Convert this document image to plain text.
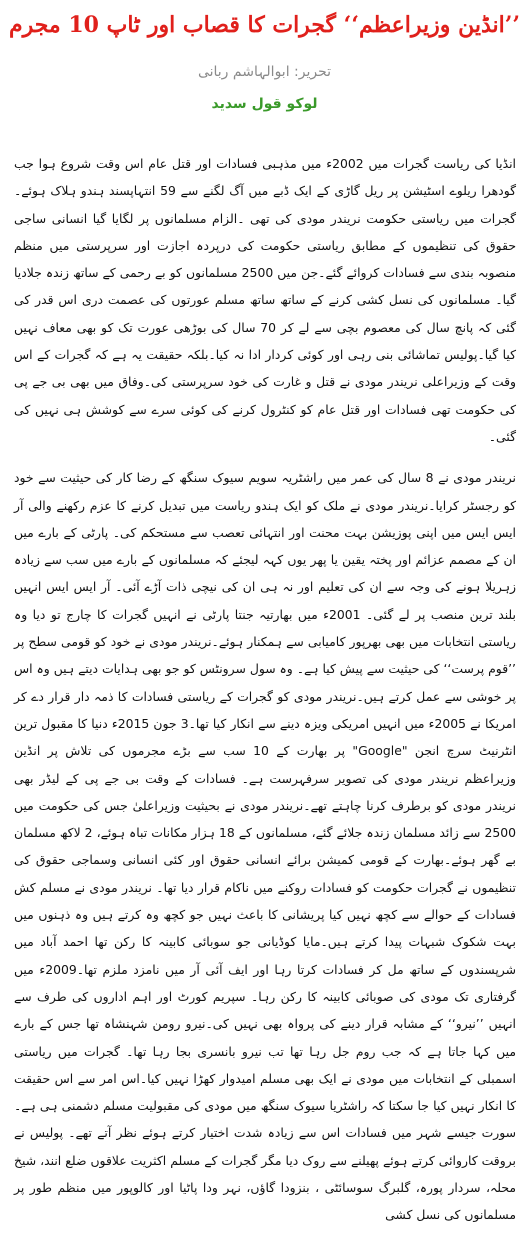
’’انڈین وزیراعظم‘‘ گجرات کا قصاب اور ٹاپ 10 مجرم
تحریر: ابوالہاشم ربانی
لوکو قول سدید

انڈیا کی ریاست گجرات میں 2002ء میں مذہبی فسادات اور قتل عام اس وقت شروع ہوا جب گودھرا ریلوے اسٹیشن پر ریل گاڑی کے ایک ڈبے میں آگ لگنے سے 59 انتہاپسند ہندو ہلاک ہوئے۔ گجرات میں ریاستی حکومت نریندر مودی کی تھی ۔الزام مسلمانوں پر لگایا گیا انسانی ساجی حقوق کی تنظیموں کے مطابق ریاستی حکومت کی درپردہ اجازت اور سرپرستی میں منظم منصوبہ بندی سے فسادات کروائے گئے۔جن میں 2500 مسلمانوں کو بے رحمی کے ساتھ زندہ جلادیا گیا۔ مسلمانوں کی نسل کشی کرنے کے ساتھ ساتھ مسلم عورتوں کی عصمت دری اس قدر کی گئی کہ پانچ سال کی معصوم بچی سے لے کر 70 سال کی بوڑھی عورت تک کو بھی معاف نہیں کیا گیا۔پولیس تماشائی بنی رہی اور کوئی کردار ادا نہ کیا۔بلکہ حقیقت یہ ہے کہ گجرات کے اس وقت کے وزیراعلی نریندر مودی نے قتل و غارت کی خود سرپرستی کی۔وفاق میں بھی بی جے پی کی حکومت تھی فسادات اور قتل عام کو کنٹرول کرنے کی کوئی سرے سے کوشش ہی نہیں کی گئی۔

نریندر مودی نے 8 سال کی عمر میں راشٹریہ سویم سیوک سنگھ کے رضا کار کی حیثیت سے خود کو رجسٹر کرایا۔نریندر مودی نے ملک کو ایک ہندو ریاست میں تبدیل کرنے کا عزم رکھنے والی آر ایس ایس میں اپنی پوزیشن بہت محنت اور انتہائی تعصب سے مستحکم کی۔ پارٹی کے بارے میں ان کے مصمم عزائم اور پختہ یقین یا پھر یوں کہہ لیجئے کہ مسلمانوں کے بارے میں سب سے زیادہ زہریلا ہونے کی وجہ سے ان کی تعلیم اور نہ ہی ان کی نیچی ذات آڑے آئی۔ آر ایس ایس انہیں بلند ترین منصب پر لے گئی۔ 2001ء میں بھارتیہ جنتا پارٹی نے انہیں گجرات کا چارج تو دیا وہ ریاستی انتخابات میں بھی بھرپور کامیابی سے ہمکنار ہوئے۔نریندر مودی نے خود کو قومی سطح پر ’’قوم پرست‘‘ کی حیثیت سے پیش کیا ہے۔ وہ سول سرونٹس کو جو بھی ہدایات دیتے ہیں وہ اس پر خوشی سے عمل کرتے ہیں۔نریندر مودی کو گجرات کے ریاستی فسادات کا ذمہ دار قرار دے کر امریکا نے 2005ء میں انہیں امریکی ویزہ دینے سے انکار کیا تھا۔3 جون 2015ء دنیا کا مقبول ترین انٹرنیٹ سرچ انجن "Google" پر بھارت کے 10 سب سے بڑے مجرموں کی تلاش پر انڈین وزیراعظم نریندر مودی کی تصویر سرفہرست ہے۔ فسادات کے وقت بی جے پی کے لیڈر بھی نریندر مودی کو برطرف کرنا چاہتے تھے۔نریندر مودی نے بحیثیت وزیراعلیٰ جس کی حکومت میں 2500 سے زائد مسلمان زندہ جلائے گئے، مسلمانوں کے 18 ہزار مکانات تباہ ہوئے، 2 لاکھ مسلمان بے گھر ہوئے۔بھارت کے قومی کمیشن برائے انسانی حقوق اور کئی انسانی وسماجی حقوق کی تنظیموں نے گجرات حکومت کو فسادات روکنے میں ناکام قرار دیا تھا۔ نریندر مودی نے مسلم کش فسادات کے حوالے سے کچھ نہیں کیا پریشانی کا باعث نہیں جو کچھ وہ کرتے ہیں وہ ذہنوں میں بہت شکوک شبہات پیدا کرتے ہیں۔مایا کوڈیانی جو سوبائی کابینہ کا رکن تھا احمد آباد میں شرپسندوں کے ساتھ مل کر فسادات کرتا رہا اور ایف آئی آر میں نامزد ملزم تھا۔2009ء میں گرفتاری تک مودی کی صوبائی کابینہ کا رکن رہا۔ سپریم کورٹ اور اہم اداروں کی طرف سے انہیں ’’نیرو‘‘ کے مشابہ قرار دینے کی پرواہ بھی نہیں کی۔نیرو رومن شہنشاہ تھا جس کے بارے میں کہا جاتا ہے کہ جب روم جل رہا تھا تب نیرو بانسری بجا رہا تھا۔ گجرات میں ریاستی اسمبلی کے انتخابات میں مودی نے ایک بھی مسلم امیدوار کھڑا نہیں کیا۔اس امر سے اس حقیقت کا انکار نہیں کیا جا سکتا کہ راشٹریا سیوک سنگھ میں مودی کی مقبولیت مسلم دشمنی ہی ہے۔سورت جیسے شہر میں فسادات اس سے زیادہ شدت اختیار کرتے ہوئے نظر آتے تھے۔ پولیس نے بروقت کاروائی کرتے ہوئے پھیلنے سے روک دیا مگر گجرات کے مسلم اکثریت علاقوں ضلع انند، شیخ محلہ، سردار پورہ، گلبرگ سوسائٹی ، بنزودا گاؤں، نہر ودا پاٹیا اور کالوپور میں منظم طور پر مسلمانوں کی نسل کشی
